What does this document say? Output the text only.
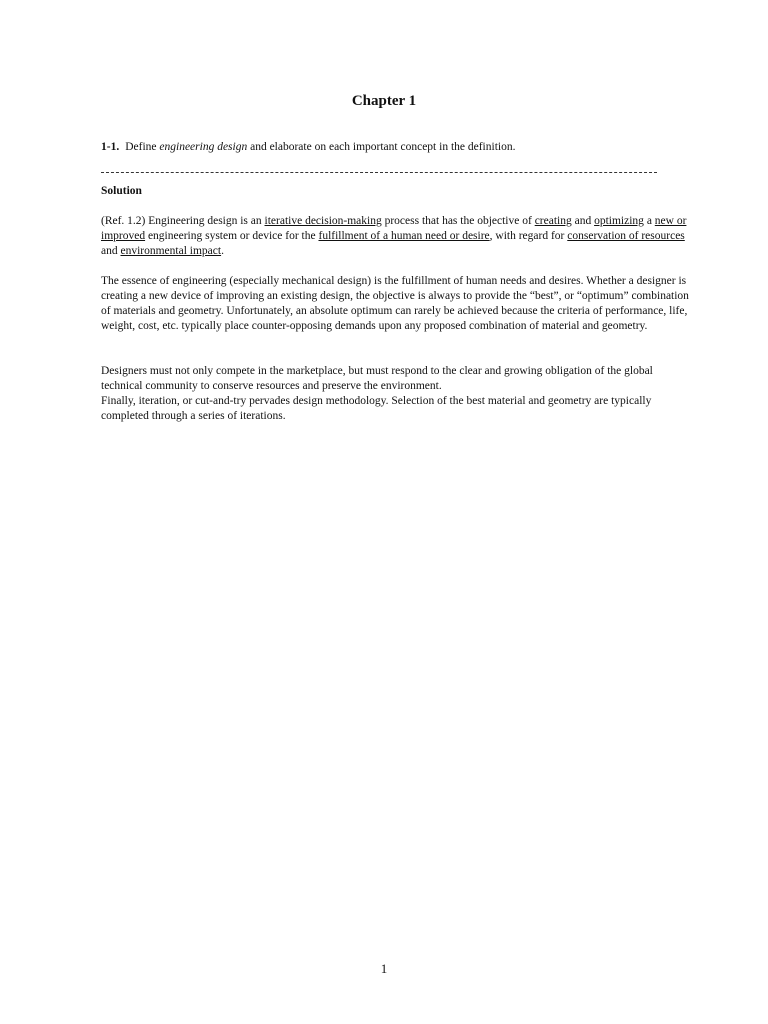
Chapter 1
1-1. Define engineering design and elaborate on each important concept in the definition.
Solution
(Ref. 1.2) Engineering design is an iterative decision-making process that has the objective of creating and optimizing a new or improved engineering system or device for the fulfillment of a human need or desire, with regard for conservation of resources and environmental impact.
The essence of engineering (especially mechanical design) is the fulfillment of human needs and desires. Whether a designer is creating a new device of improving an existing design, the objective is always to provide the “best”, or “optimum” combination of materials and geometry. Unfortunately, an absolute optimum can rarely be achieved because the criteria of performance, life, weight, cost, etc. typically place counter-opposing demands upon any proposed combination of material and geometry.
Designers must not only compete in the marketplace, but must respond to the clear and growing obligation of the global technical community to conserve resources and preserve the environment.
Finally, iteration, or cut-and-try pervades design methodology. Selection of the best material and geometry are typically completed through a series of iterations.
1
